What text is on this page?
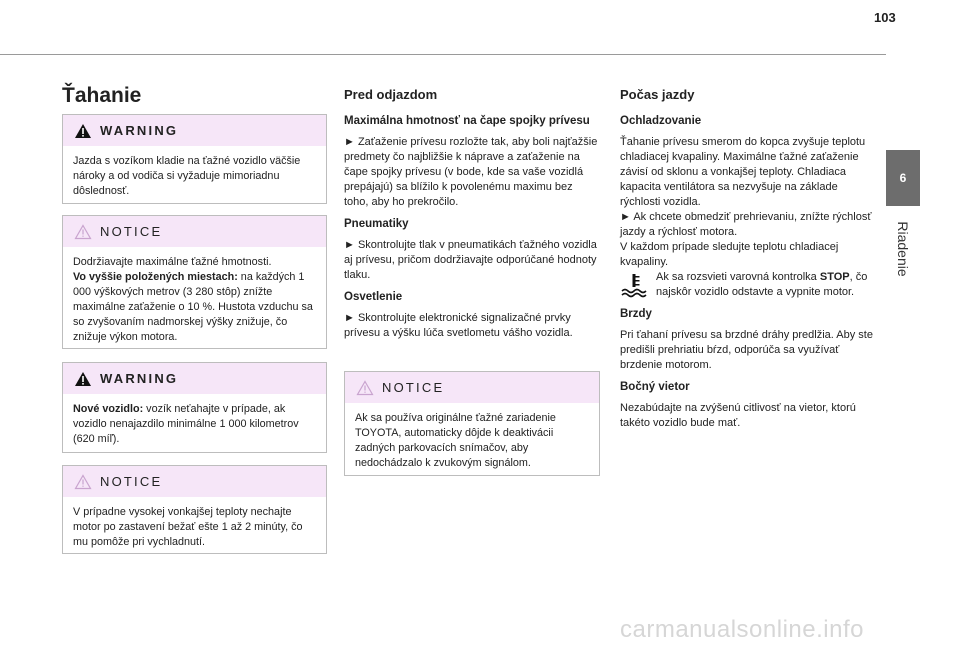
103
6
Riadenie
Ťahanie
WARNING
Jazda s vozíkom kladie na ťažné vozidlo väčšie nároky a od vodiča si vyžaduje mimoriadnu dôslednosť.
NOTICE
Dodržiavajte maximálne ťažné hmotnosti.
Vo vyššie položených miestach: na každých 1 000 výškových metrov (3 280 stôp) znížte maximálne zaťaženie o 10 %. Hustota vzduchu sa so zvyšovaním nadmorskej výšky znižuje, čo znižuje výkon motora.
WARNING
Nové vozidlo: vozík neťahajte v prípade, ak vozidlo nenajazdilo minimálne 1 000 kilometrov (620 míľ).
NOTICE
V prípadne vysokej vonkajšej teploty nechajte motor po zastavení bežať ešte 1 až 2 minúty, čo mu pomôže pri vychladnutí.
Pred odjazdom
Maximálna hmotnosť na čape spojky prívesu

► Zaťaženie prívesu rozložte tak, aby boli najťažšie predmety čo najbližšie k náprave a zaťaženie na čape spojky prívesu (v bode, kde sa vaše vozidlá prepájajú) sa blížilo k povolenému maximu bez toho, aby ho prekročilo.

Pneumatiky

► Skontrolujte tlak v pneumatikách ťažného vozidla aj prívesu, pričom dodržiavajte odporúčané hodnoty tlaku.

Osvetlenie

► Skontrolujte elektronické signalizačné prvky prívesu a výšku lúča svetlometu vášho vozidla.

NOTICE
Ak sa používa originálne ťažné zariadenie TOYOTA, automaticky dôjde k deaktivácii zadných parkovacích snímačov, aby nedochádzalo k zvukovým signálom.
Počas jazdy
Ochladzovanie

Ťahanie prívesu smerom do kopca zvyšuje teplotu chladiacej kvapaliny. Maximálne ťažné zaťaženie závisí od sklonu a vonkajšej teploty. Chladiaca kapacita ventilátora sa nezvyšuje na základe rýchlosti vozidla.

► Ak chcete obmedziť prehrievaniu, znížte rýchlosť jazdy a rýchlosť motora.

V každom prípade sledujte teplotu chladiacej kvapaliny.

Ak sa rozsvieti varovná kontrolka STOP, čo najskôr vozidlo odstavte a vypnite motor.

Brzdy

Pri ťahaní prívesu sa brzdné dráhy predlžia. Aby ste predišli prehriatiu bŕzd, odporúča sa využívať brzdenie motorom.

Bočný vietor

Nezabúdajte na zvýšenú citlivosť na vietor, ktorú takéto vozidlo bude mať.

carmanualsonline.info
